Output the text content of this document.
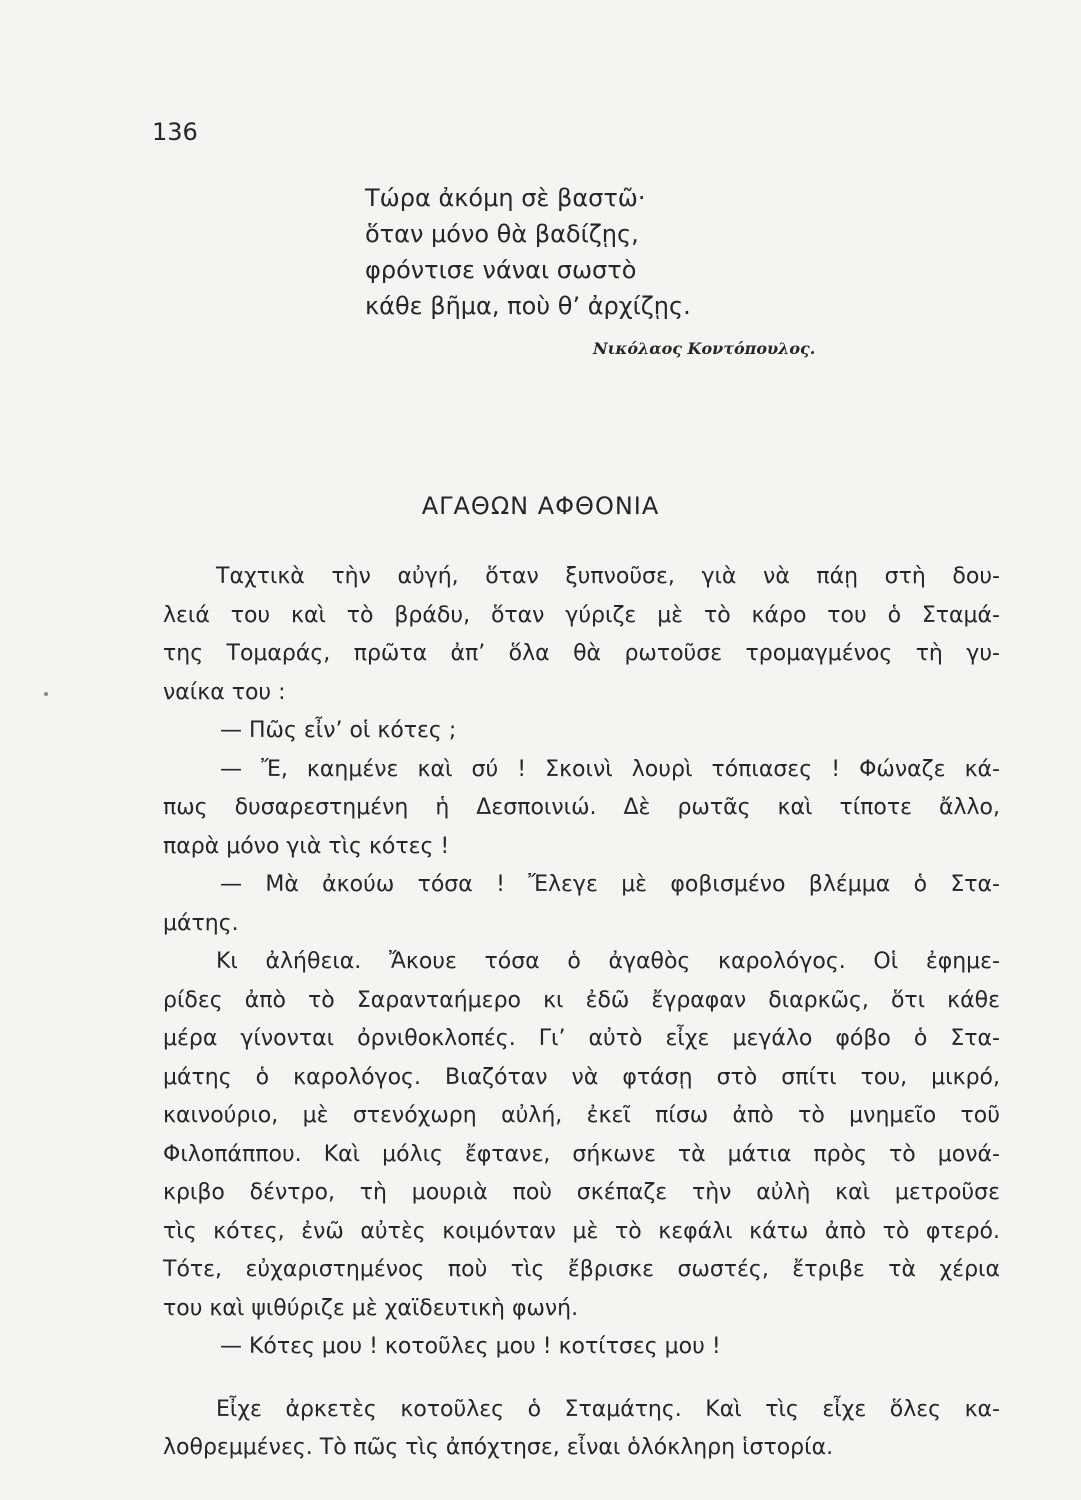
136
Τώρα ἀκόμη σὲ βαστῶ·
ὅταν μόνο θὰ βαδίζῃς,
φρόντισε νάναι σωστὸ
κάθε βῆμα, ποὺ θ’ ἀρχίζῃς.
Νικόλαος Κοντόπουλος.
ΑΓΑΘΩΝ ΑΦΘΟΝΙΑ
Ταχτικὰ τὴν αὐγή, ὅταν ξυπνοῦσε, γιὰ νὰ πάῃ στὴ δου-
λειά του καὶ τὸ βράδυ, ὅταν γύριζε μὲ τὸ κάρο του ὁ Σταμά-
της Τομαράς, πρῶτα ἀπ’ ὅλα θὰ ρωτοῦσε τρομαγμένος τὴ γυ-
ναίκα του :
— Πῶς εἶν’ οἱ κότες ;
— Ἔ, καημένε καὶ σύ ! Σκοινὶ λουρὶ τόπιασες ! Φώναζε κά-
πως δυσαρεστημένη ἡ Δεσποινιώ. Δὲ ρωτᾶς καὶ τίποτε ἄλλο,
παρὰ μόνο γιὰ τὶς κότες !
— Μὰ ἀκούω τόσα ! Ἔλεγε μὲ φοβισμένο βλέμμα ὁ Στα-
μάτης.
Κι ἀλήθεια. Ἄκουε τόσα ὁ ἀγαθὸς καρολόγος. Οἱ ἐφημε-
ρίδες ἀπὸ τὸ Σαρανταήμερο κι ἐδῶ ἔγραφαν διαρκῶς, ὅτι κάθε
μέρα γίνονται ὀρνιθοκλοπές. Γι’ αὐτὸ εἶχε μεγάλο φόβο ὁ Στα-
μάτης ὁ καρολόγος. Βιαζόταν νὰ φτάσῃ στὸ σπίτι του, μικρό,
καινούριο, μὲ στενόχωρη αὐλή, ἐκεῖ πίσω ἀπὸ τὸ μνημεῖο τοῦ
Φιλοπάππου. Καὶ μόλις ἔφτανε, σήκωνε τὰ μάτια πρὸς τὸ μονά-
κριβο δέντρο, τὴ μουριὰ ποὺ σκέπαζε τὴν αὐλὴ καὶ μετροῦσε
τὶς κότες, ἐνῶ αὐτὲς κοιμόνταν μὲ τὸ κεφάλι κάτω ἀπὸ τὸ φτερό.
Τότε, εὐχαριστημένος ποὺ τὶς ἔβρισκε σωστές, ἔτριβε τὰ χέρια
του καὶ ψιθύριζε μὲ χαϊδευτικὴ φωνή.
— Κότες μου ! κοτοῦλες μου ! κοτίτσες μου !
Εἶχε ἀρκετὲς κοτοῦλες ὁ Σταμάτης. Καὶ τὶς εἶχε ὅλες κα-
λοθρεμμένες. Τὸ πῶς τὶς ἀπόχτησε, εἶναι ὁλόκληρη ἱστορία.
